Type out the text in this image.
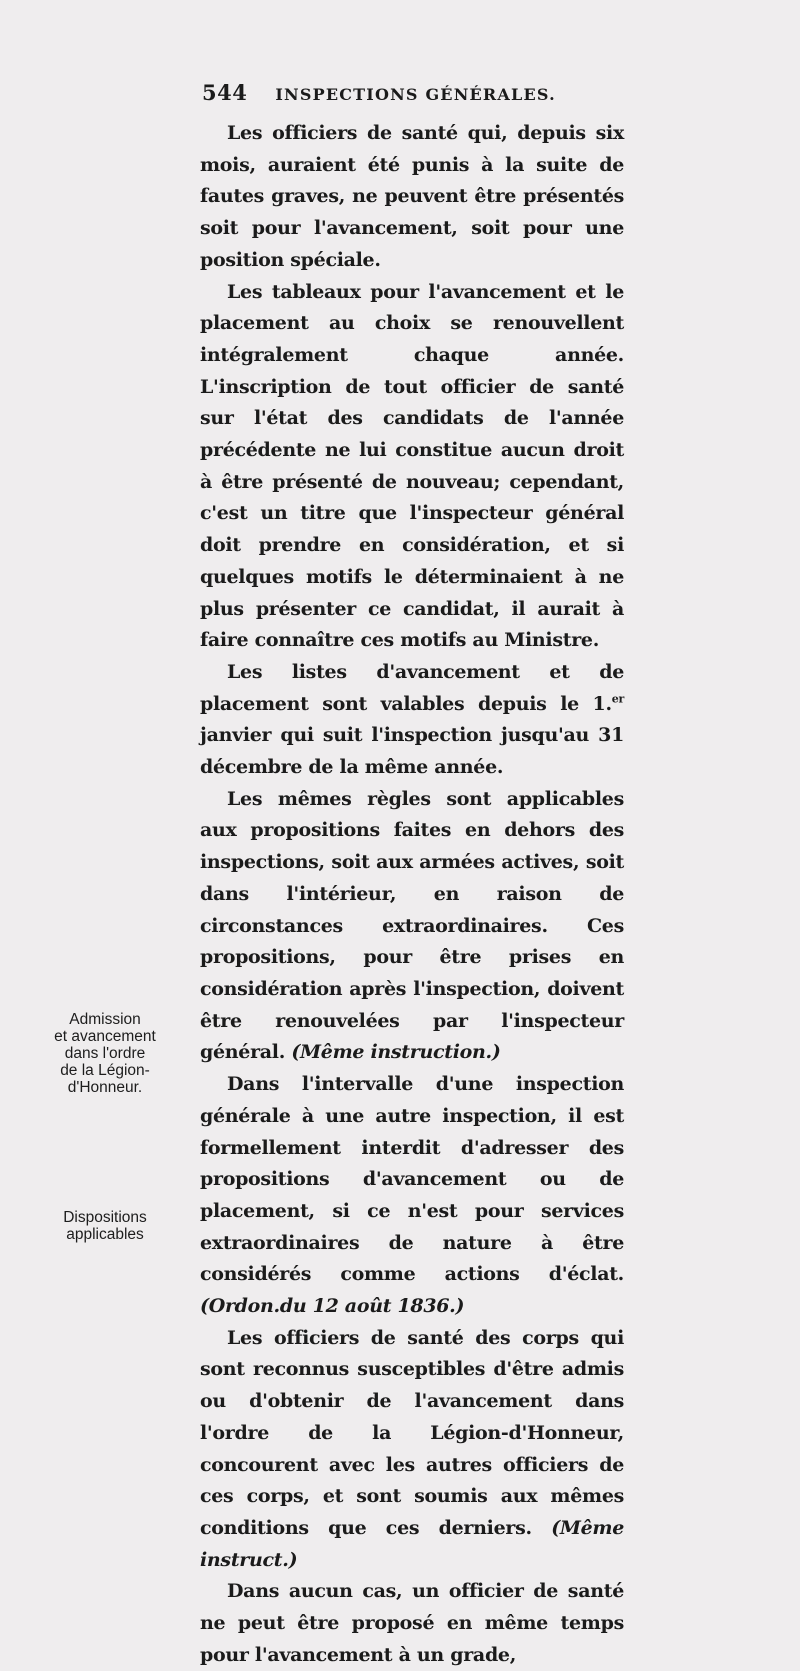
544 INSPECTIONS GÉNÉRALES.
Admission
et avancement
dans l'ordre
de la Légion-
d'Honneur.
Dispositions
applicables

Les officiers de santé qui, depuis six mois, auraient été punis à la suite de fautes graves, ne peuvent être présentés soit pour l'avancement, soit pour une position spéciale.

Les tableaux pour l'avancement et le placement au choix se renouvellent intégralement chaque année. L'inscription de tout officier de santé sur l'état des candidats de l'année précédente ne lui constitue aucun droit à être présenté de nouveau; cependant, c'est un titre que l'inspecteur général doit prendre en considération, et si quelques motifs le déterminaient à ne plus présenter ce candidat, il aurait à faire connaître ces motifs au Ministre.

Les listes d'avancement et de placement sont valables depuis le 1.$^{er}$ janvier qui suit l'inspection jusqu'au 31 décembre de la même année.

Les mêmes règles sont applicables aux propositions faites en dehors des inspections, soit aux armées actives, soit dans l'intérieur, en raison de circonstances extraordinaires. Ces propositions, pour être prises en considération après l'inspection, doivent être renouvelées par l'inspecteur général. (Même instruction.)

Dans l'intervalle d'une inspection générale à une autre inspection, il est formellement interdit d'adresser des propositions d'avancement ou de placement, si ce n'est pour services extraordinaires de nature à être considérés comme actions d'éclat.(Ordon.du 12 août 1836.)

Les officiers de santé des corps qui sont reconnus susceptibles d'être admis ou d'obtenir de l'avancement dans l'ordre de la Légion-d'Honneur, concourent avec les autres officiers de ces corps, et sont soumis aux mêmes conditions que ces derniers. (Même instruct.)

Dans aucun cas, un officier de santé ne peut être proposé en même temps pour l'avancement à un grade,
